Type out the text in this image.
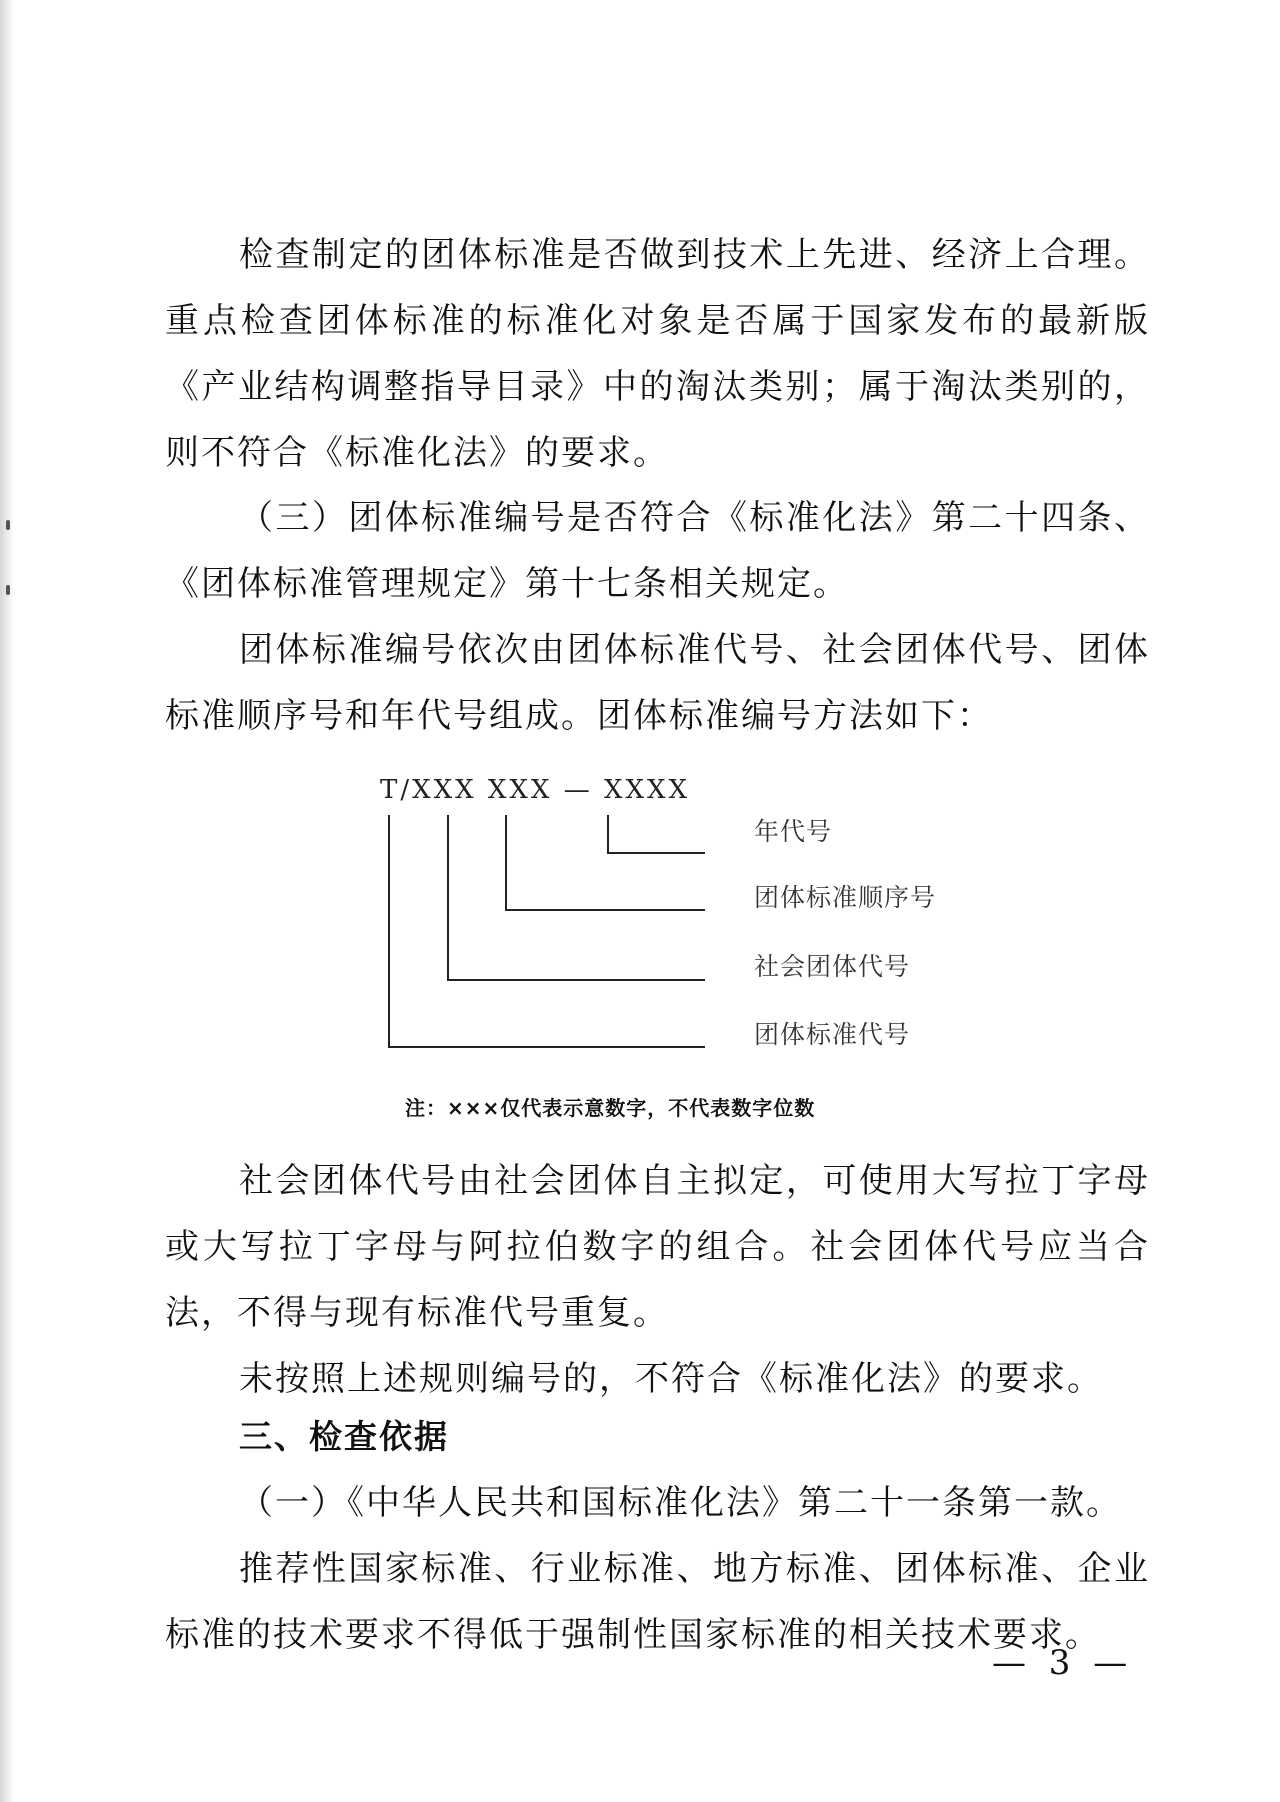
检查制定的团体标准是否做到技术上先进、经济上合理。重点检查团体标准的标准化对象是否属于国家发布的最新版《产业结构调整指导目录》中的淘汰类别；属于淘汰类别的，则不符合《标准化法》的要求。

（三）团体标准编号是否符合《标准化法》第二十四条、《团体标准管理规定》第十七条相关规定。

团体标准编号依次由团体标准代号、社会团体代号、团体标准顺序号和年代号组成。团体标准编号方法如下：

T/XXX XXX — XXXX
年代号
团体标准顺序号
社会团体代号
团体标准代号

注：×××仅代表示意数字，不代表数字位数

社会团体代号由社会团体自主拟定，可使用大写拉丁字母或大写拉丁字母与阿拉伯数字的组合。社会团体代号应当合法，不得与现有标准代号重复。

未按照上述规则编号的，不符合《标准化法》的要求。

三、检查依据

（一）《中华人民共和国标准化法》第二十一条第一款。

推荐性国家标准、行业标准、地方标准、团体标准、企业标准的技术要求不得低于强制性国家标准的相关技术要求。

— 3 —
